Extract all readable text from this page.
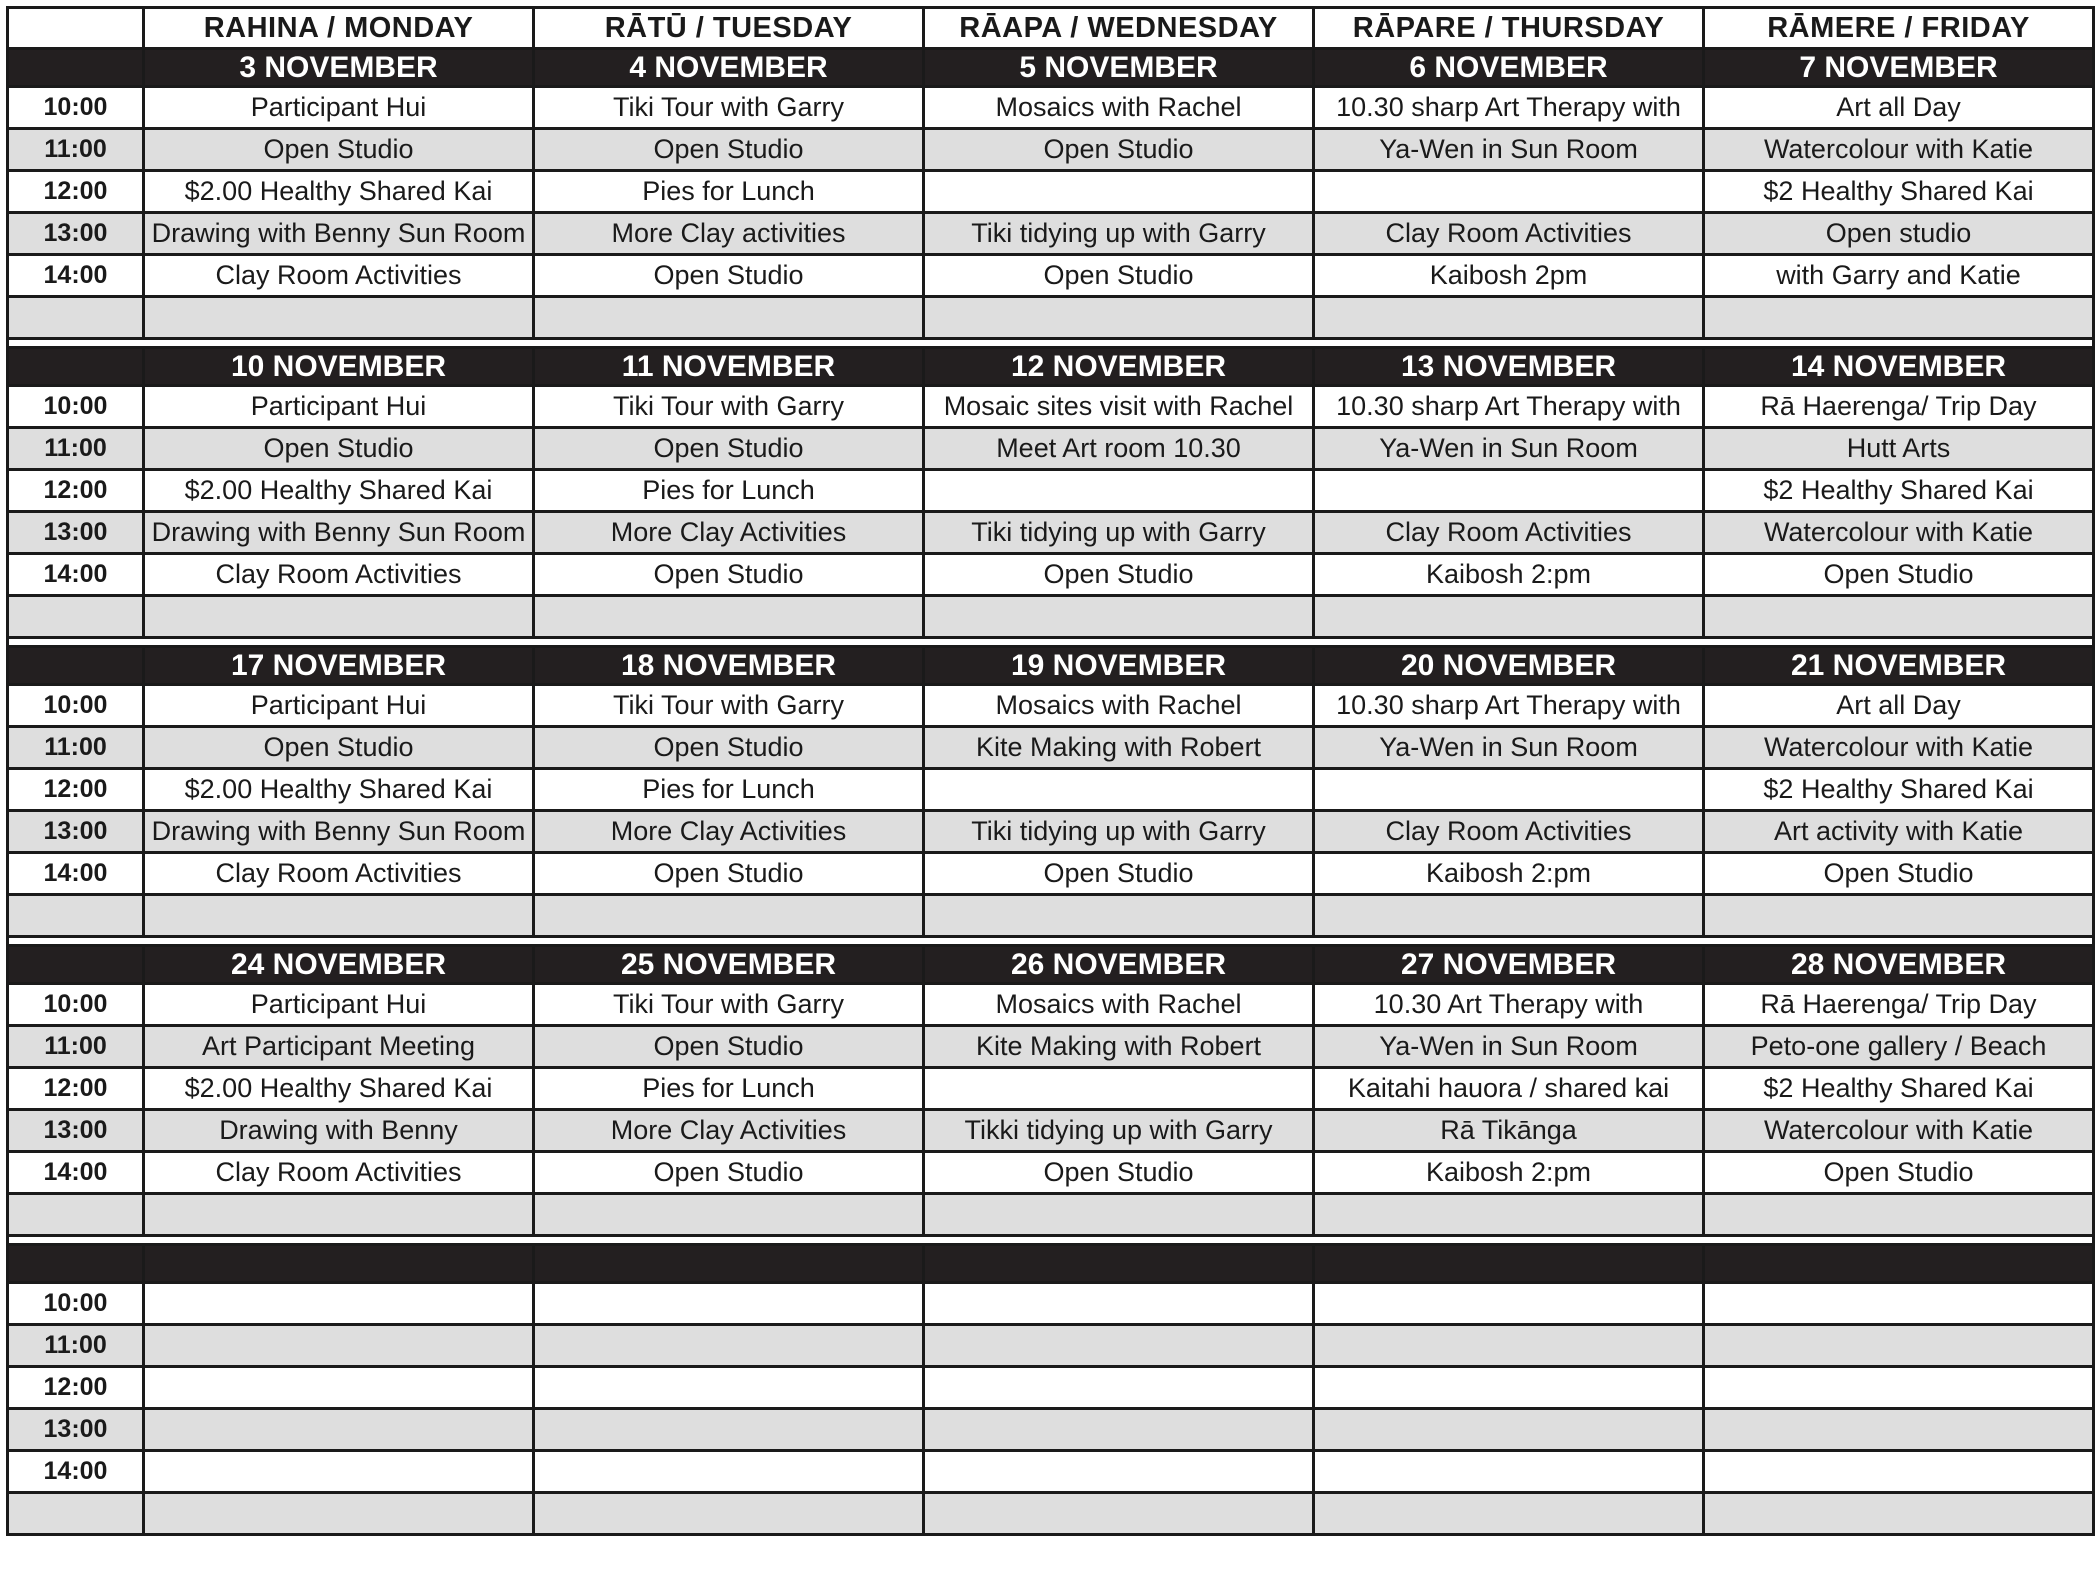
	RAHINA / MONDAY	RĀTŪ / TUESDAY	RĀAPA / WEDNESDAY	RĀPARE / THURSDAY	RĀMERE / FRIDAY
	3 NOVEMBER	4 NOVEMBER	5 NOVEMBER	6 NOVEMBER	7 NOVEMBER
10:00	Participant Hui	Tiki Tour with Garry	Mosaics with Rachel	10.30 sharp Art Therapy with	Art all Day
11:00	Open Studio	Open Studio	Open Studio	Ya-Wen in Sun Room	Watercolour with Katie
12:00	$2.00 Healthy Shared Kai	Pies for Lunch			$2 Healthy Shared Kai
13:00	Drawing with Benny Sun Room	More Clay activities	Tiki tidying up with Garry	Clay Room Activities	Open studio
14:00	Clay Room Activities	Open Studio	Open Studio	Kaibosh 2pm	with Garry and Katie

	10 NOVEMBER	11 NOVEMBER	12 NOVEMBER	13 NOVEMBER	14 NOVEMBER
10:00	Participant Hui	Tiki Tour with Garry	Mosaic sites visit with Rachel	10.30 sharp Art Therapy with	Rā Haerenga/ Trip Day
11:00	Open Studio	Open Studio	Meet Art room 10.30	Ya-Wen in Sun Room	Hutt Arts
12:00	$2.00 Healthy Shared Kai	Pies for Lunch			$2 Healthy Shared Kai
13:00	Drawing with Benny Sun Room	More Clay Activities	Tiki tidying up with Garry	Clay Room Activities	Watercolour with Katie
14:00	Clay Room Activities	Open Studio	Open Studio	Kaibosh 2:pm	Open Studio

	17 NOVEMBER	18 NOVEMBER	19 NOVEMBER	20 NOVEMBER	21 NOVEMBER
10:00	Participant Hui	Tiki Tour with Garry	Mosaics with Rachel	10.30 sharp Art Therapy with	Art all Day
11:00	Open Studio	Open Studio	Kite Making with Robert	Ya-Wen in Sun Room	Watercolour with Katie
12:00	$2.00 Healthy Shared Kai	Pies for Lunch			$2 Healthy Shared Kai
13:00	Drawing with Benny Sun Room	More Clay Activities	Tiki tidying up with Garry	Clay Room Activities	Art activity with Katie
14:00	Clay Room Activities	Open Studio	Open Studio	Kaibosh 2:pm	Open Studio

	24 NOVEMBER	25 NOVEMBER	26 NOVEMBER	27 NOVEMBER	28 NOVEMBER
10:00	Participant Hui	Tiki Tour with Garry	Mosaics with Rachel	10.30 Art Therapy with	Rā Haerenga/ Trip Day
11:00	Art Participant Meeting	Open Studio	Kite Making with Robert	Ya-Wen in Sun Room	Peto-one gallery / Beach
12:00	$2.00 Healthy Shared Kai	Pies for Lunch		Kaitahi hauora / shared kai	$2 Healthy Shared Kai
13:00	Drawing with Benny	More Clay Activities	Tikki tidying up with Garry	Rā Tikānga	Watercolour with Katie
14:00	Clay Room Activities	Open Studio	Open Studio	Kaibosh 2:pm	Open Studio

10:00					
11:00					
12:00					
13:00					
14:00					
